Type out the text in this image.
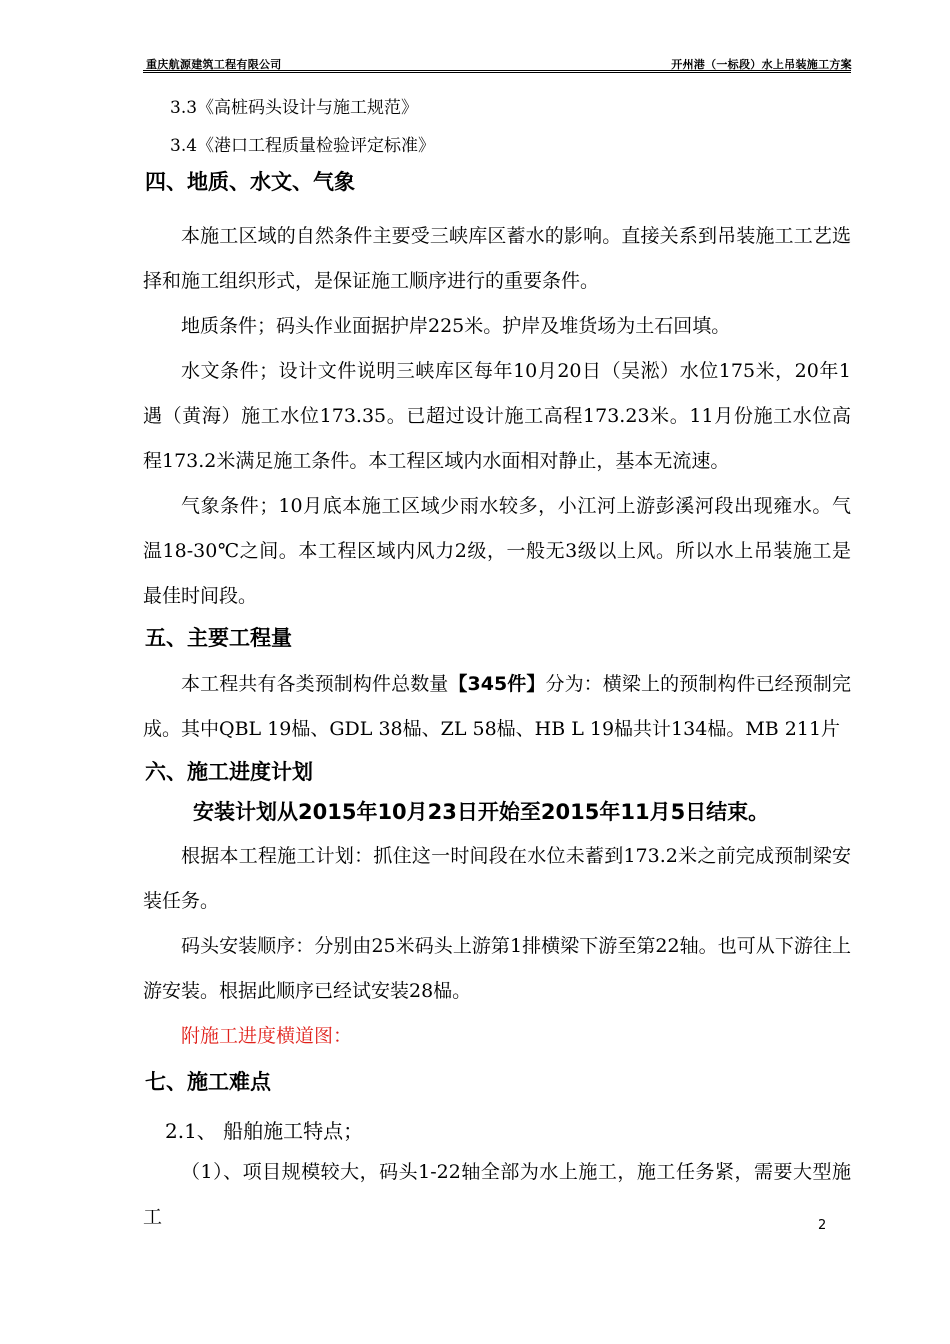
重庆航源建筑工程有限公司	开州港（一标段）水上吊装施工方案
3.3《高桩码头设计与施工规范》
3.4《港口工程质量检验评定标准》
四、地质、水文、气象
本施工区域的自然条件主要受三峡库区蓄水的影响。直接关系到吊装施工工艺选择和施工组织形式，是保证施工顺序进行的重要条件。
地质条件；码头作业面据护岸225米。护岸及堆货场为土石回填。
水文条件；设计文件说明三峡库区每年10月20日（吴淞）水位175米，20年1遇（黄海）施工水位173.35。已超过设计施工高程173.23米。11月份施工水位高程173.2米满足施工条件。本工程区域内水面相对静止，基本无流速。
气象条件；10月底本施工区域少雨水较多，小江河上游彭溪河段出现雍水。气温18-30℃之间。本工程区域内风力2级，一般无3级以上风。所以水上吊装施工是最佳时间段。
五、主要工程量
本工程共有各类预制构件总数量【345件】分为：横梁上的预制构件已经预制完成。其中QBL 19榀、GDL 38榀、ZL 58榀、HB L 19榀共计134榀。MB 211片
六、施工进度计划
安装计划从2015年10月23日开始至2015年11月5日结束。
根据本工程施工计划：抓住这一时间段在水位未蓄到173.2米之前完成预制梁安装任务。
码头安装顺序：分别由25米码头上游第1排横梁下游至第22轴。也可从下游往上游安装。根据此顺序已经试安装28榀。
附施工进度横道图：
七、施工难点
2.1、 船舶施工特点；
（1）、项目规模较大，码头1-22轴全部为水上施工，施工任务紧，需要大型施工	2
